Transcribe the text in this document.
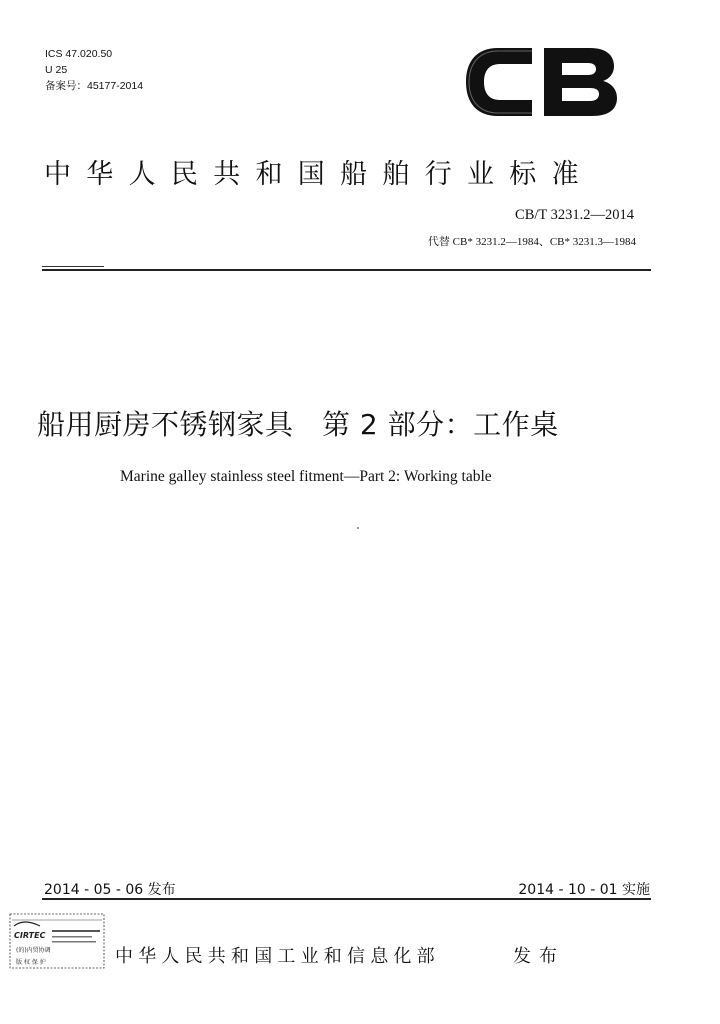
ICS 47.020.50
U 25
备案号：45177-2014
中华人民共和国船舶行业标准
CB/T 3231.2—2014
代替 CB* 3231.2—1984、CB* 3231.3—1984
船用厨房不锈钢家具　第 2 部分：工作桌
Marine galley stainless steel fitment—Part 2: Working table
2014 - 05 - 06 发布	2014 - 10 - 01 实施
CIRTEC
(的)内贸协调
版 权 保 护	中华人民共和国工业和信息化部	发布
